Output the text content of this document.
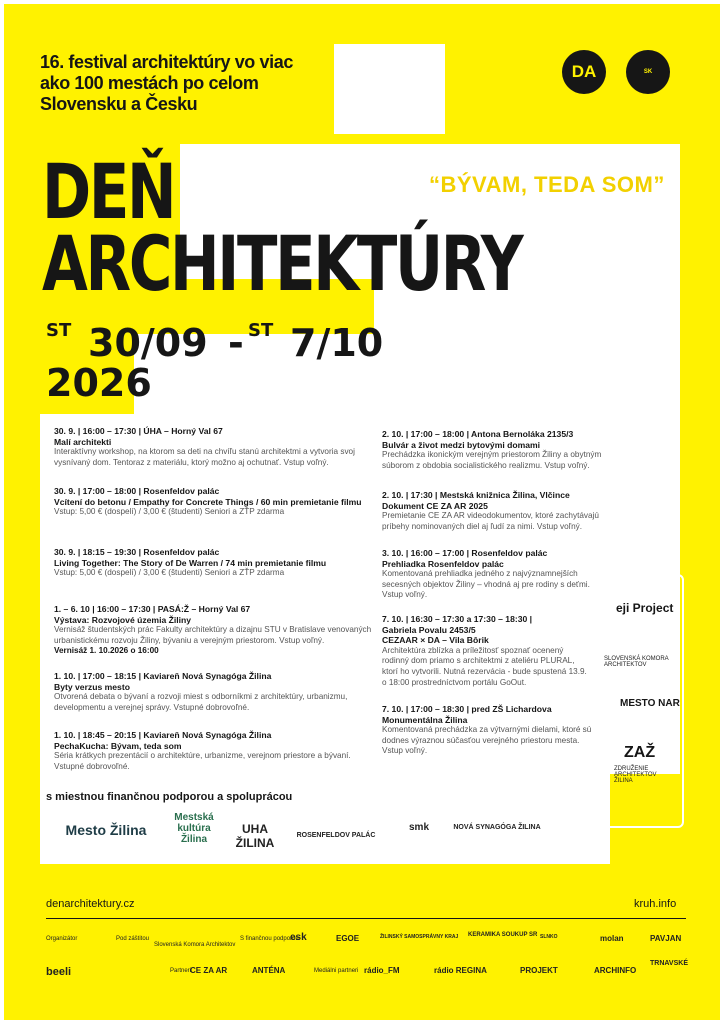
16. festival architektúry vo viac ako 100 mestách po celom Slovensku a Česku
DA	SK
DEŇ
ARCHITEKTÚRY
“BÝVAM, TEDA SOM”
ST 30/09 - ST 7/10
2026
30. 9. | 16:00 – 17:30 | ÚHA – Horný Val 67
Malí architekti
Interaktívny workshop, na ktorom sa deti na chvíľu stanú architektmi a vytvoria svoj vysnívaný dom. Tentoraz z materiálu, ktorý možno aj ochutnať. Vstup voľný.
30. 9. | 17:00 – 18:00 | Rosenfeldov palác
Vcítení do betonu / Empathy for Concrete Things / 60 min premietanie filmu
Vstup: 5,00 € (dospelí) / 3,00 € (študenti) Seniori a ZŤP zdarma
30. 9. | 18:15 – 19:30 | Rosenfeldov palác
Living Together: The Story of De Warren / 74 min premietanie filmu
Vstup: 5,00 € (dospelí) / 3,00 € (študenti) Seniori a ZŤP zdarma
1. – 6. 10 | 16:00 – 17:30 | PASÁ:Ž – Horný Val 67
Výstava: Rozvojové územia Žiliny
Vernisáž študentských prác Fakulty architektúry a dizajnu STU v Bratislave venovaných urbanistickému rozvoju Žiliny, bývaniu a verejným priestorom. Vstup voľný.
Vernisáž 1. 10.2026 o 16:00
1. 10. | 17:00 – 18:15 | Kaviareň Nová Synagóga Žilina
Byty verzus mesto
Otvorená debata o bývaní a rozvoji miest s odborníkmi z architektúry, urbanizmu, developmentu a verejnej správy. Vstupné dobrovoľné.
1. 10. | 18:45 – 20:15 | Kaviareň Nová Synagóga Žilina
PechaKucha: Bývam, teda som
Séria krátkych prezentácií o architektúre, urbanizme, verejnom priestore a bývaní. Vstupné dobrovoľné.
2. 10. | 17:00 – 18:00 | Antona Bernoláka 2135/3
Bulvár a život medzi bytovými domami
Prechádzka ikonickým verejným priestorom Žiliny a obytným súborom z obdobia socialistického realizmu. Vstup voľný.
2. 10. | 17:30 | Mestská knižnica Žilina, Vlčince
Dokument CE ZA AR 2025
Premietanie CE ZA AR videodokumentov, ktoré zachytávajú príbehy nominovaných diel aj ľudí za nimi. Vstup voľný.
3. 10. | 16:00 – 17:00 | Rosenfeldov palác
Prehliadka Rosenfeldov palác
Komentovaná prehliadka jedného z najvýznamnejších secesných objektov Žiliny – vhodná aj pre rodiny s deťmi. Vstup voľný.
7. 10. | 16:30 – 17:30 a 17:30 – 18:30 |
Gabriela Povalu 2453/5
CEZAAR × DA – Vila Bôrik
Architektúra zblízka a príležitosť spoznať ocenený rodinný dom priamo s architektmi z ateliéru PLURAL, ktorí ho vytvorili. Nutná rezervácia - bude spustená 13.9. o 18:00 prostredníctvom portálu GoOut.
7. 10. | 17:00 – 18:30 | pred ZŠ Lichardova
Monumentálna Žilina
Komentovaná prechádzka za výtvarnými dielami, ktoré sú dodnes výraznou súčasťou verejného priestoru mesta. Vstup voľný.
eji Project
SLOVENSKÁ KOMORA ARCHITEKTOV
MESTO NAR
ZAŽ
ZDRUŽENIE ARCHITEKTOV ŽILINA
s miestnou finančnou podporou a spoluprácou
Mesto Žilina
Mestská kultúra Žilina
UHA ŽILINA
ROSENFELDOV PALÁC
smk	NOVÁ SYNAGÓGA ŽILINA
denarchitektury.cz	kruh.info
Organizátor	Pod záštitou	S finančnou podporou
Partneri	Mediálni partneri
Slovenská Komora Architektov
esk	EGOE	ŽILINSKÝ SAMOSPRÁVNY KRAJ KERAMIKA SOUKUP SR SLNKO	molan	PAVJAN
beeli	CE ZA AR	ANTÉNA	rádio_FM	rádio REGINA	PROJEKT	ARCHINFO
TRNAVSKÉ
